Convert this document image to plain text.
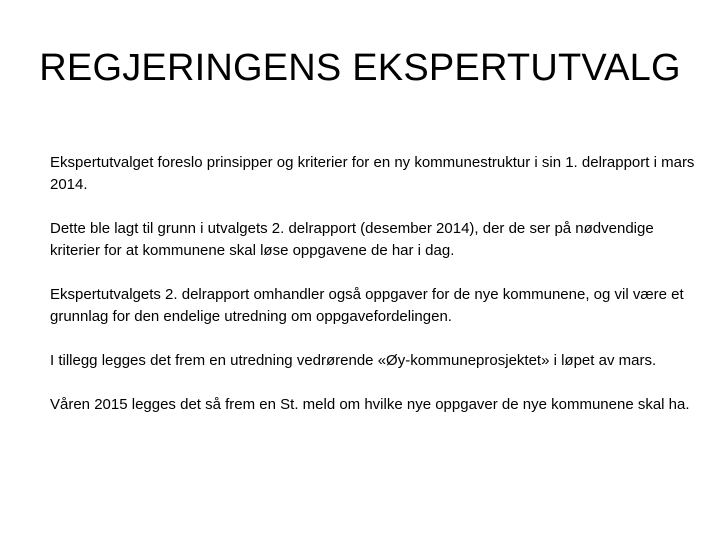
REGJERINGENS EKSPERTUTVALG

Ekspertutvalget foreslo prinsipper og kriterier for en ny kommunestruktur i sin 1. delrapport i mars 2014.

Dette ble lagt til grunn i utvalgets 2. delrapport (desember 2014), der de ser på nødvendige kriterier for at kommunene skal løse oppgavene de har i dag.

Ekspertutvalgets 2. delrapport omhandler også oppgaver for de nye kommunene, og vil være et grunnlag for den endelige utredning om oppgavefordelingen.

I tillegg legges det frem en utredning vedrørende «Øy-kommuneprosjektet» i løpet av mars.

Våren 2015 legges det så frem en St. meld om hvilke nye oppgaver de nye kommunene skal ha.
